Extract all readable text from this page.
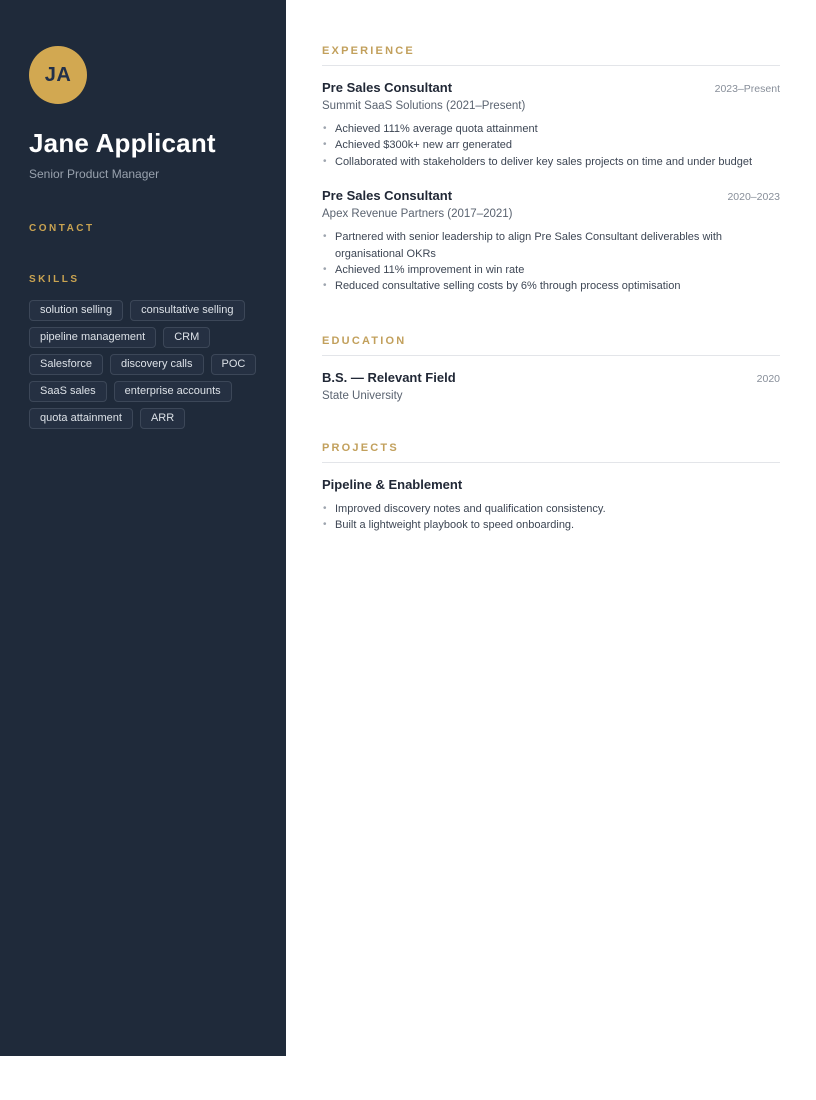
JA
Jane Applicant
Senior Product Manager
CONTACT
SKILLS
solution selling	consultative selling
pipeline management	CRM
Salesforce	discovery calls	POC
SaaS sales	enterprise accounts
quota attainment	ARR
EXPERIENCE
Pre Sales Consultant	2023–Present
Summit SaaS Solutions (2021–Present)
• Achieved 111% average quota attainment
• Achieved $300k+ new arr generated
• Collaborated with stakeholders to deliver key sales projects on time and under budget
Pre Sales Consultant	2020–2023
Apex Revenue Partners (2017–2021)
• Partnered with senior leadership to align Pre Sales Consultant deliverables with organisational OKRs
• Achieved 11% improvement in win rate
• Reduced consultative selling costs by 6% through process optimisation
EDUCATION
B.S. — Relevant Field	2020
State University
PROJECTS
Pipeline & Enablement
• Improved discovery notes and qualification consistency.
• Built a lightweight playbook to speed onboarding.
